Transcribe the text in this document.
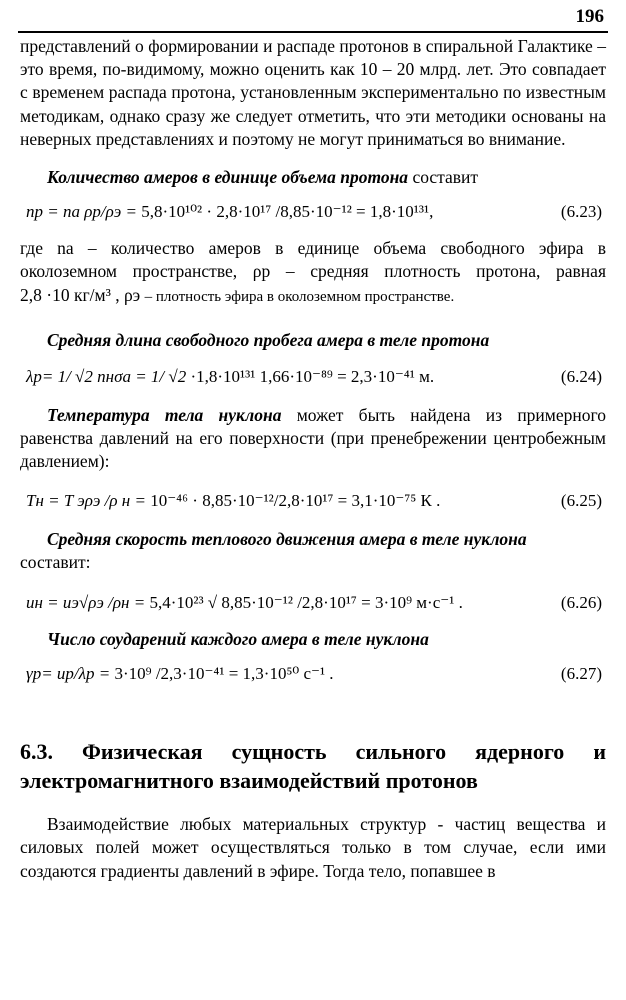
196

представлений о формировании и распаде протонов в спиральной Галактике – это время, по-видимому, можно оценить как 10 – 20 млрд. лет. Это совпадает с временем распада протона, установленным экспериментально по известным методикам, однако сразу же следует отметить, что эти методики основаны на неверных представлениях и поэтому не могут приниматься во внимание.

Количество амеров в единице объема протона составит

np = nа ρp/ρэ = 5,8·10¹⁰² · 2,8·10¹⁷ /8,85·10⁻¹² = 1,8·10¹³¹,	(6.23)

где nа – количество амеров в единице объема свободного эфира в

околоземном пространстве, ρp – средняя плотность протона, равная

2,8 ·10 кг/м³ , ρэ – плотность эфира в околоземном пространстве.

Средняя длина свободного пробега амера в теле протона

λp= 1/ √2 nнσа = 1/ √2 ·1,8·10¹³¹ 1,66·10⁻⁸⁹ = 2,3·10⁻⁴¹ м.	(6.24)

Температура тела нуклона может быть найдена из примерного равенства давлений на его поверхности (при пренебрежении центробежным давлением):

Tн = T эρэ /ρ н = 10⁻⁴⁶ · 8,85·10⁻¹²/2,8·10¹⁷ = 3,1·10⁻⁷⁵ К .	(6.25)

Средняя скорость теплового движения амера в теле нуклона

составит:

uн = uэ√ρэ /ρн = 5,4·10²³ √ 8,85·10⁻¹² /2,8·10¹⁷ = 3·10⁹ м·с⁻¹ .	(6.26)

Число соударений каждого амера в теле нуклона

γp= up/λp = 3·10⁹ /2,3·10⁻⁴¹ = 1,3·10⁵⁰ с⁻¹ .	(6.27)
6.3. Физическая сущность сильного ядерного и электромагнитного взаимодействий протонов

Взаимодействие любых материальных структур - частиц вещества и силовых полей может осуществляться только в том случае, если ими создаются градиенты давлений в эфире. Тогда тело, попавшее в
